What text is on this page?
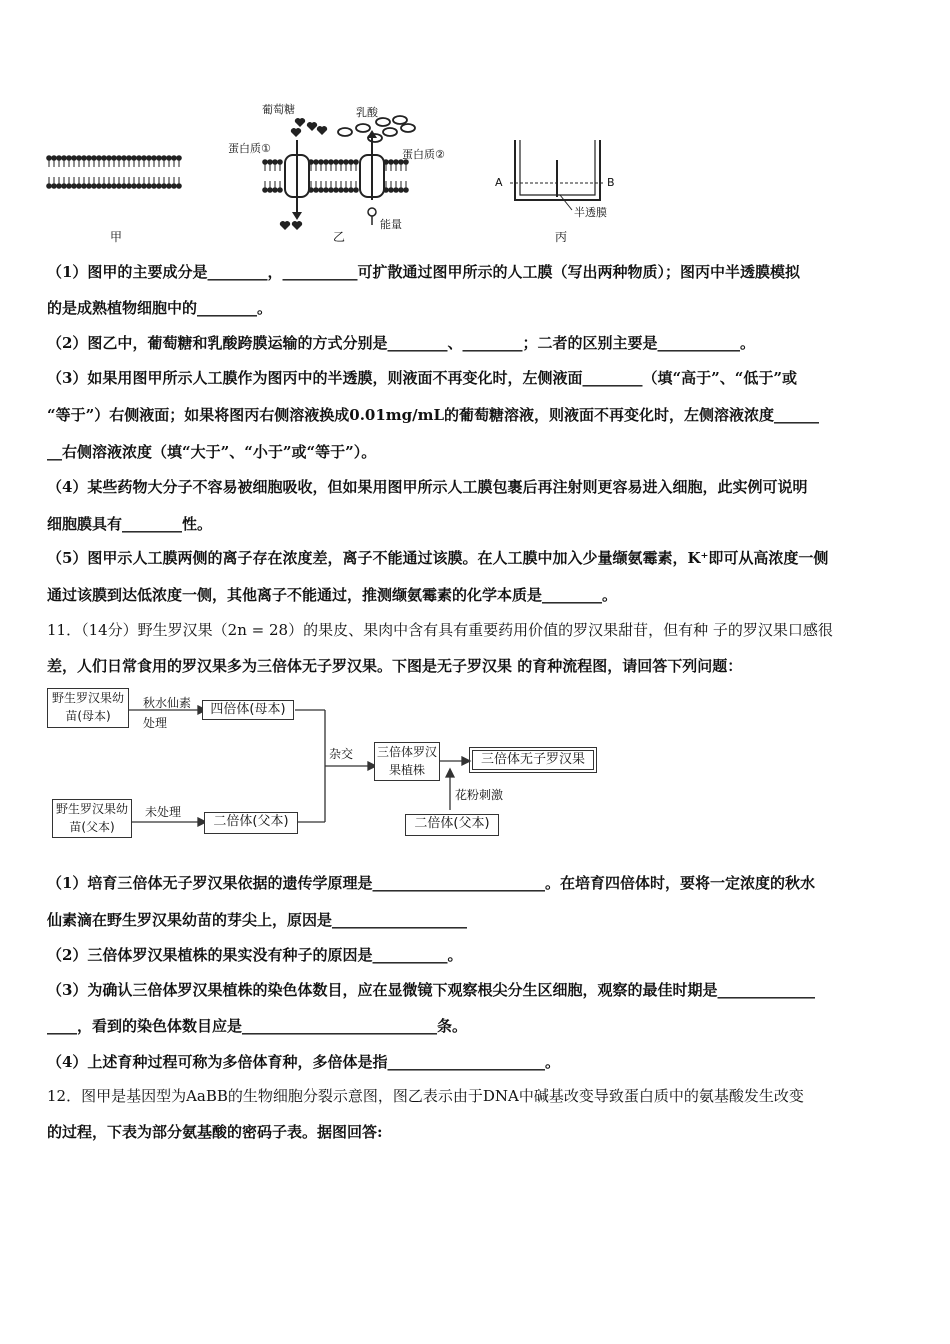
甲
葡萄糖	乳酸
蛋白质①	蛋白质②
能量
乙
A	B
半透膜
丙
（1）图甲的主要成分是________，__________可扩散通过图甲所示的人工膜（写出两种物质）；图丙中半透膜模拟
的是成熟植物细胞中的________。
（2）图乙中，葡萄糖和乳酸跨膜运输的方式分别是________、________；二者的区别主要是___________。
（3）如果用图甲所示人工膜作为图丙中的半透膜，则液面不再变化时，左侧液面________（填“高于”、“低于”或
“等于”）右侧液面；如果将图丙右侧溶液换成0.01mg/mL的葡萄糖溶液，则液面不再变化时，左侧溶液浓度______
__右侧溶液浓度（填“大于”、“小于”或“等于”）。
（4）某些药物大分子不容易被细胞吸收，但如果用图甲所示人工膜包裹后再注射则更容易进入细胞，此实例可说明
细胞膜具有________性。
（5）图甲示人工膜两侧的离子存在浓度差，离子不能通过该膜。在人工膜中加入少量缬氨霉素，K⁺即可从高浓度一侧
通过该膜到达低浓度一侧，其他离子不能通过，推测缬氨霉素的化学本质是________。
11．（14分）野生罗汉果（2n = 28）的果皮、果肉中含有具有重要药用价值的罗汉果甜苷，但有种 子的罗汉果口感很
差，人们日常食用的罗汉果多为三倍体无子罗汉果。下图是无子罗汉果 的育种流程图，请回答下列问题：
野生罗汉果幼苗(母本)
秋水仙素处理
四倍体(母本)
杂交 三倍体罗汉果植株
三倍体无子罗汉果
花粉刺激
二倍体(父本)
野生罗汉果幼苗(父本)
未处理
二倍体(父本)
（1）培育三倍体无子罗汉果依据的遗传学原理是_______________________。在培育四倍体时，要将一定浓度的秋水
仙素滴在野生罗汉果幼苗的芽尖上，原因是__________________
（2）三倍体罗汉果植株的果实没有种子的原因是__________。
（3）为确认三倍体罗汉果植株的染色体数目，应在显微镜下观察根尖分生区细胞，观察的最佳时期是_____________
____，看到的染色体数目应是__________________________条。
（4）上述育种过程可称为多倍体育种，多倍体是指_____________________。
12．图甲是基因型为AaBB的生物细胞分裂示意图，图乙表示由于DNA中碱基改变导致蛋白质中的氨基酸发生改变
的过程，下表为部分氨基酸的密码子表。据图回答:
